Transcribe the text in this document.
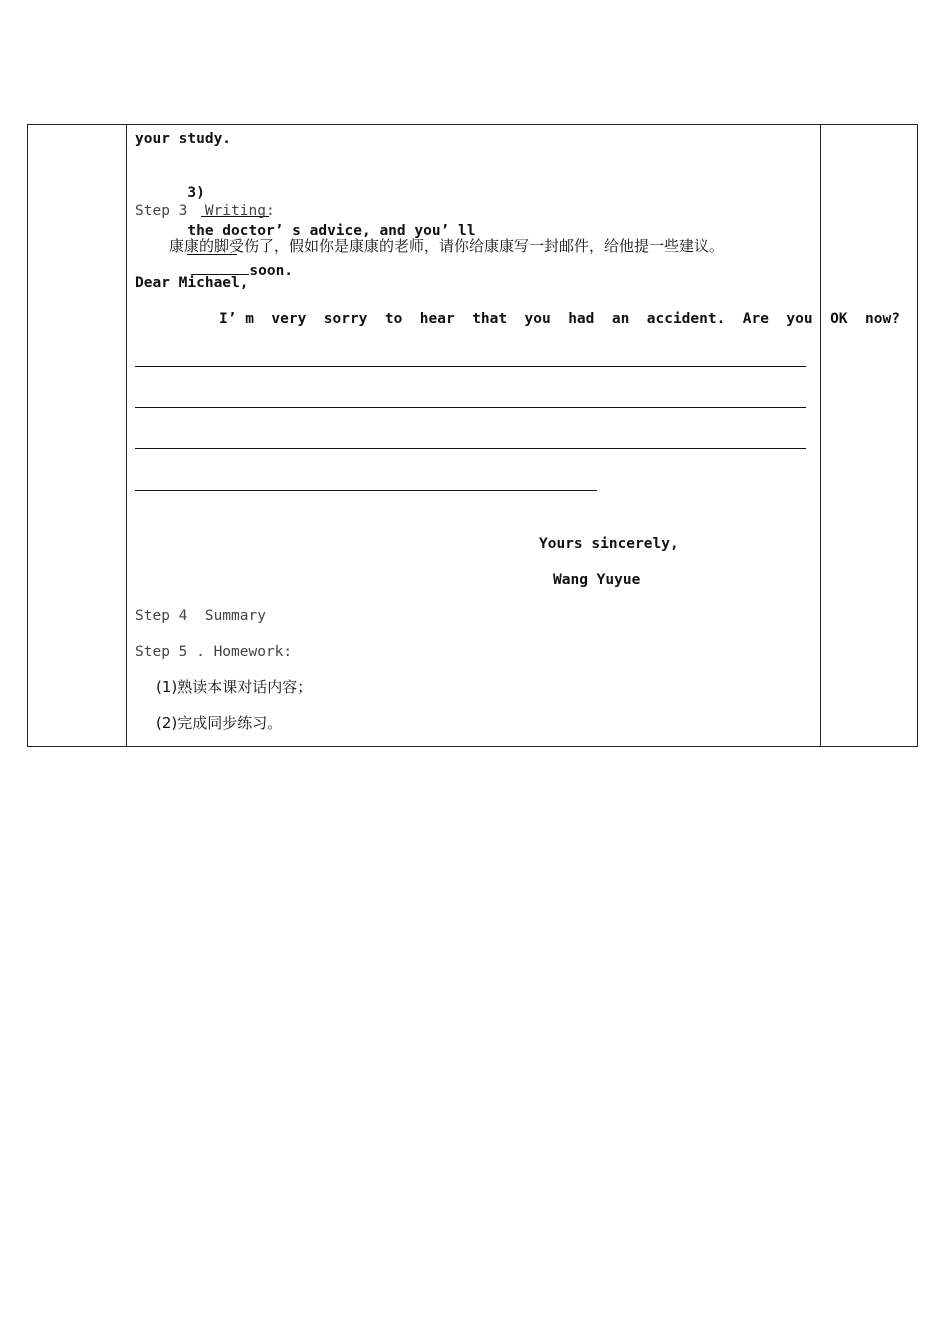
your study.

3)

the doctor’ s advice, and you’ ll

soon.

Step 3  Writing:
康康的脚受伤了，假如你是康康的老师，请你给康康写一封邮件，给他提一些建议。
Dear Michael,
I’ m  very  sorry  to  hear  that  you  had  an  accident.  Are  you  OK  now?
Yours sincerely,
Wang Yuyue
Step 4  Summary
Step 5 . Homework:
(1)熟读本课对话内容；
(2)完成同步练习。
